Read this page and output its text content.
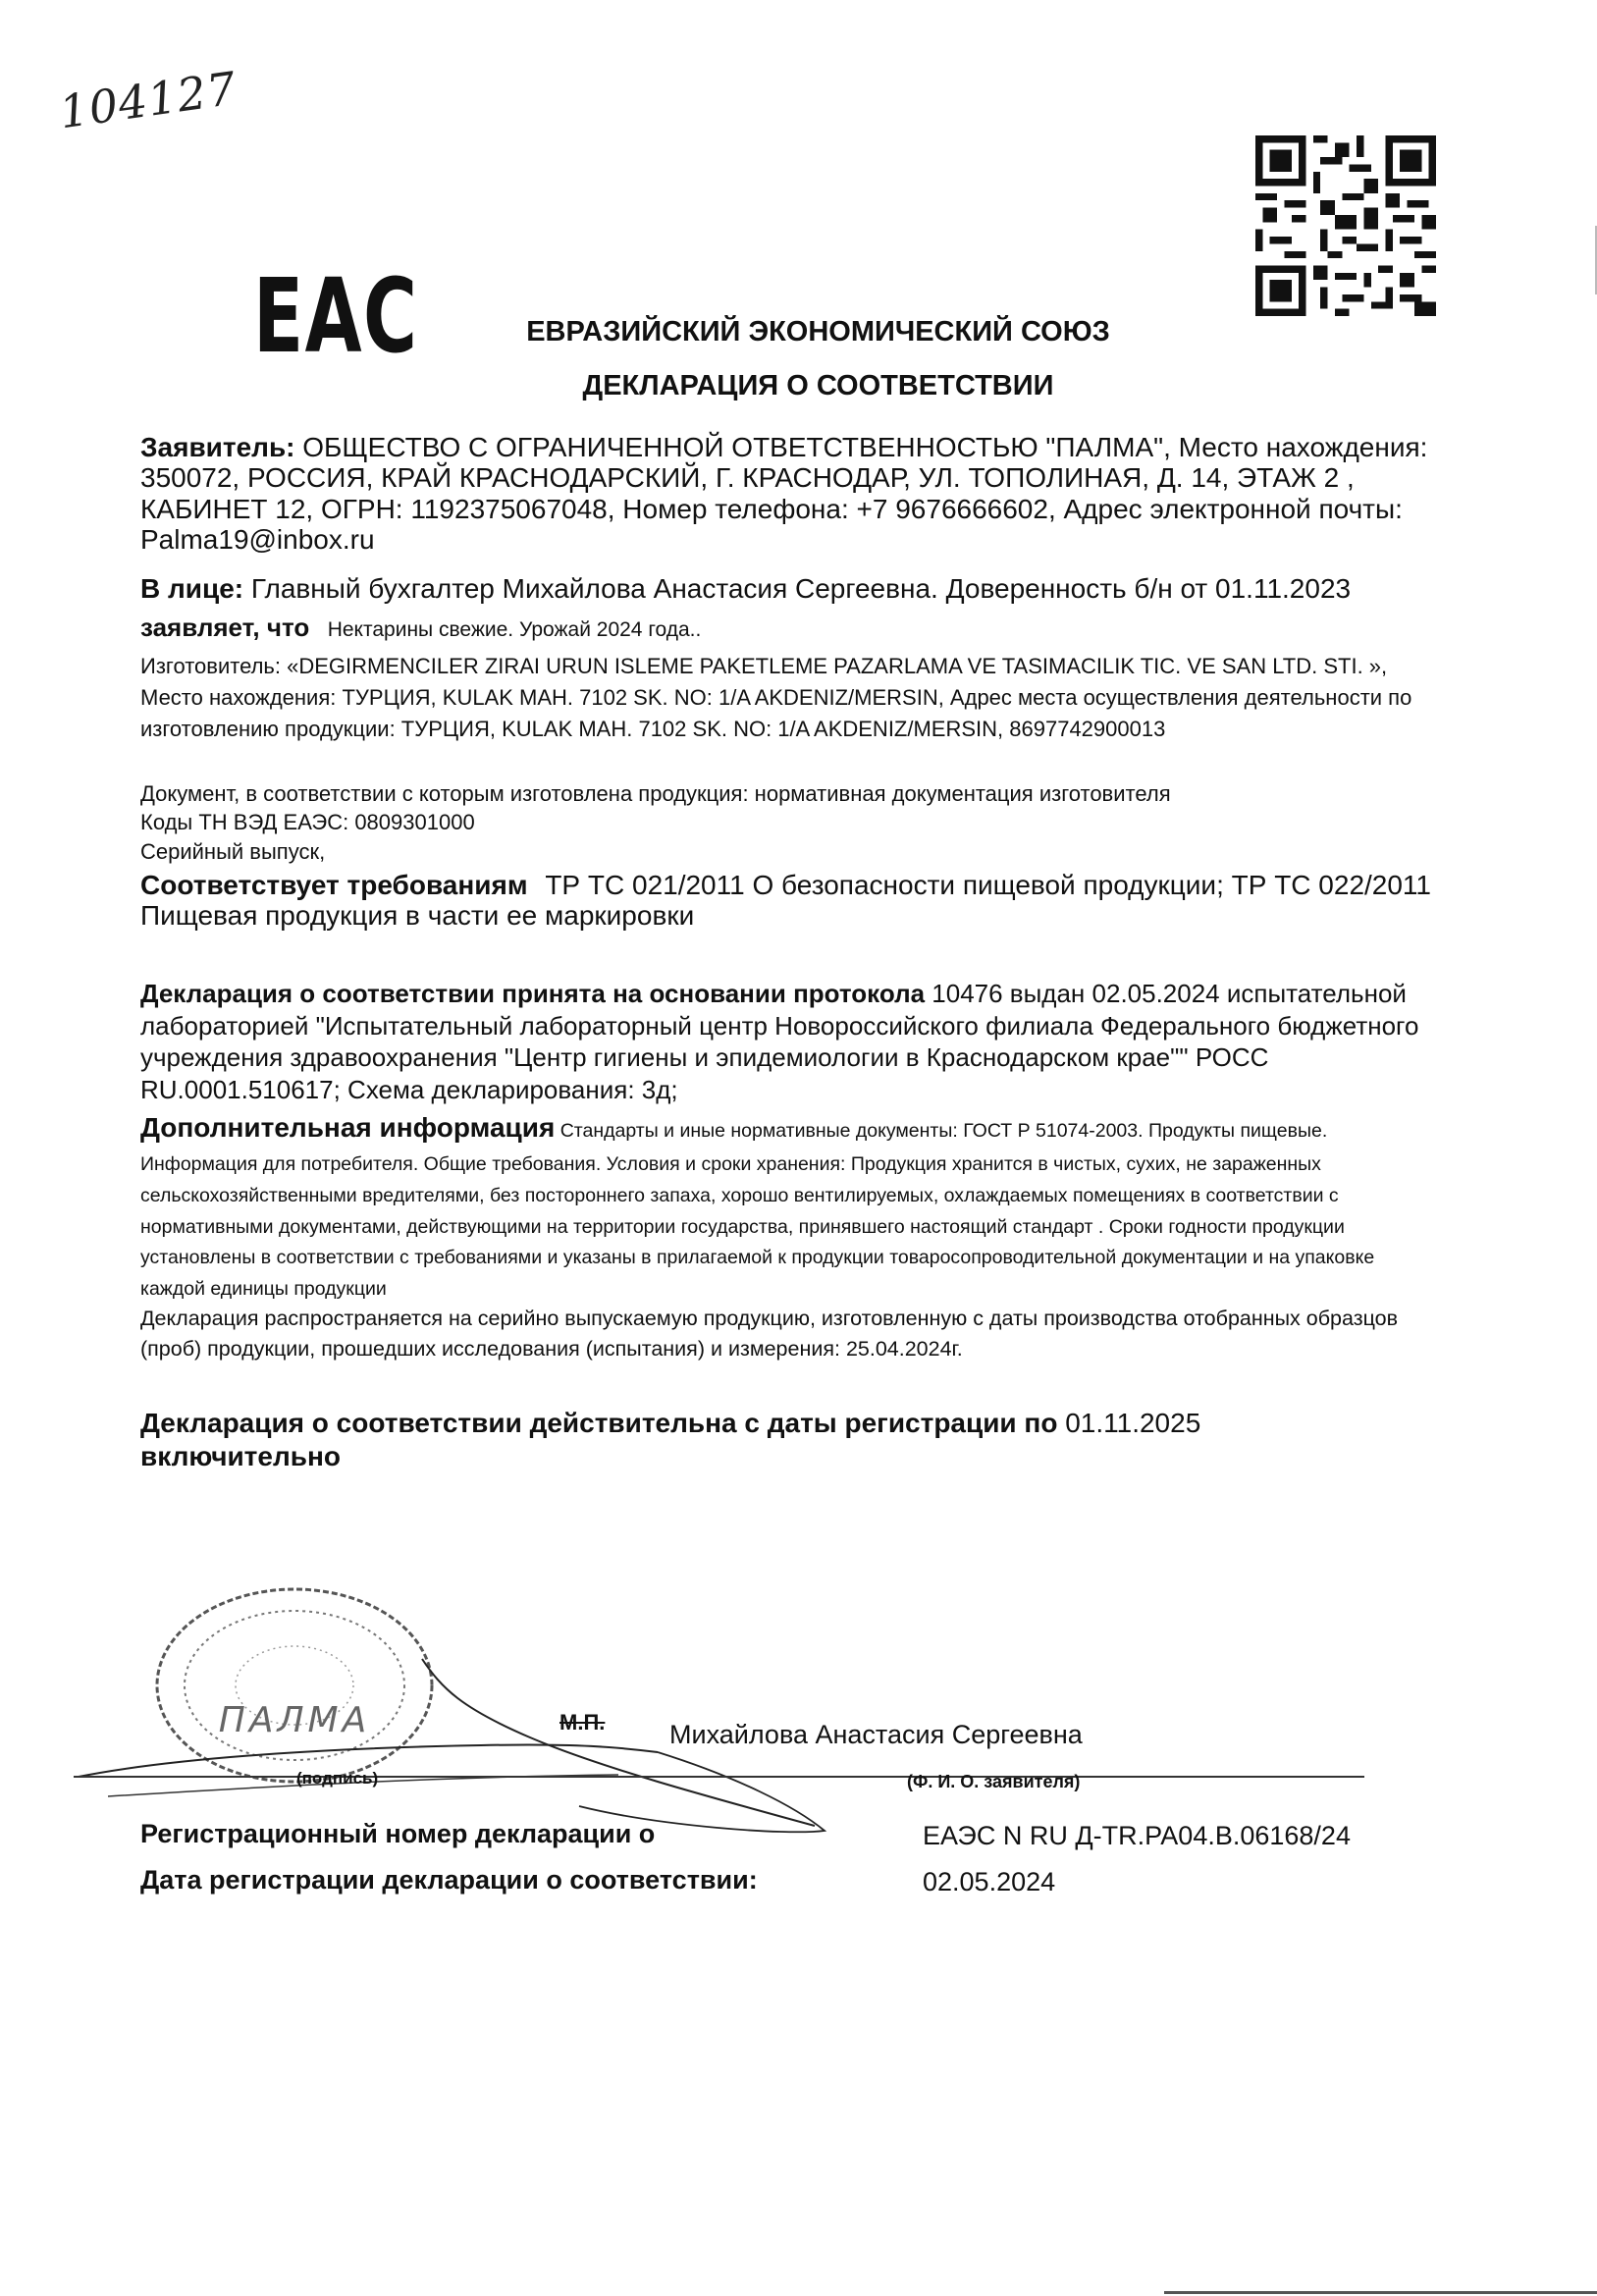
104127
EAC	ЕВРАЗИЙСКИЙ ЭКОНОМИЧЕСКИЙ СОЮЗ
ДЕКЛАРАЦИЯ О СООТВЕТСТВИИ
Заявитель: ОБЩЕСТВО С ОГРАНИЧЕННОЙ ОТВЕТСТВЕННОСТЬЮ "ПАЛМА", Место нахождения: 350072, РОССИЯ, КРАЙ КРАСНОДАРСКИЙ, Г. КРАСНОДАР, УЛ. ТОПОЛИНАЯ, Д. 14, ЭТАЖ 2 , КАБИНЕТ 12, ОГРН: 1192375067048, Номер телефона: +7 9676666602, Адрес электронной почты: Palma19@inbox.ru
В лице: Главный бухгалтер Михайлова Анастасия Сергеевна. Доверенность б/н от 01.11.2023
заявляет, что Нектарины свежие. Урожай 2024 года..
Изготовитель: «DEGIRMENCILER ZIRAI URUN ISLEME PAKETLEME PAZARLAMA VE TASIMACILIK TIC. VE SAN LTD. STI. », Место нахождения: ТУРЦИЯ, KULAK MAH. 7102 SK. NO: 1/A AKDENIZ/MERSIN, Адрес места осуществления деятельности по изготовлению продукции: ТУРЦИЯ, KULAK MAH. 7102 SK. NO: 1/A AKDENIZ/MERSIN, 8697742900013
Документ, в соответствии с которым изготовлена продукция: нормативная документация изготовителя
Коды ТН ВЭД ЕАЭС: 0809301000
Серийный выпуск,
Соответствует требованиям ТР ТС 021/2011 О безопасности пищевой продукции; ТР ТС 022/2011 Пищевая продукция в части ее маркировки
Декларация о соответствии принята на основании протокола 10476 выдан 02.05.2024 испытательной лабораторией "Испытательный лабораторный центр Новороссийского филиала Федерального бюджетного учреждения здравоохранения "Центр гигиены и эпидемиологии в Краснодарском крае"" РОСС RU.0001.510617; Схема декларирования: 3д;
Дополнительная информация Стандарты и иные нормативные документы: ГОСТ Р 51074-2003. Продукты пищевые. Информация для потребителя. Общие требования. Условия и сроки хранения: Продукция хранится в чистых, сухих, не зараженных сельскохозяйственными вредителями, без постороннего запаха, хорошо вентилируемых, охлаждаемых помещениях в соответствии с нормативными документами, действующими на территории государства, принявшего настоящий стандарт . Сроки годности продукции установлены в соответствии с требованиями и указаны в прилагаемой к продукции товаросопроводительной документации и на упаковке каждой единицы продукции
Декларация распространяется на серийно выпускаемую продукцию, изготовленную с даты производства отобранных образцов (проб) продукции, прошедших исследования (испытания) и измерения: 25.04.2024г.
Декларация о соответствии действительна с даты регистрации по 01.11.2025
включительно
ПАЛМА	М.П. Михайлова Анастасия Сергеевна
(подпись)	(Ф. И. О. заявителя)
Регистрационный номер декларации о	ЕАЭС N RU Д-TR.РА04.В.06168/24
Дата регистрации декларации о соответствии:	02.05.2024
